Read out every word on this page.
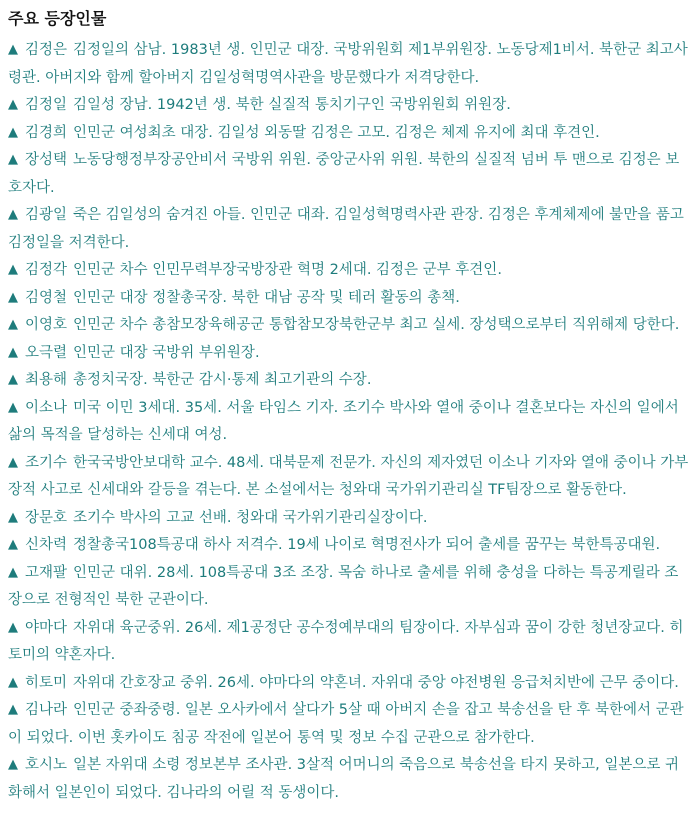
주요 등장인물

▲ 김정은 김정일의 삼남. 1983년 생. 인민군 대장. 국방위원회 제1부위원장. 노동당제1비서. 북한군 최고사령관. 아버지와 함께 할아버지 김일성혁명역사관을 방문했다가 저격당한다.

▲ 김정일 김일성 장남. 1942년 생. 북한 실질적 통치기구인 국방위원회 위원장.

▲ 김경희 인민군 여성최초 대장. 김일성 외동딸 김정은 고모. 김정은 체제 유지에 최대 후견인.

▲ 장성택 노동당행정부장공안비서 국방위 위원. 중앙군사위 위원. 북한의 실질적 넘버 투 맨으로 김정은 보호자다.

▲ 김광일 죽은 김일성의 숨겨진 아들. 인민군 대좌. 김일성혁명력사관 관장. 김정은 후계체제에 불만을 품고 김정일을 저격한다.

▲ 김정각 인민군 차수 인민무력부장국방장관 혁명 2세대. 김정은 군부 후견인.

▲ 김영철 인민군 대장 정찰총국장. 북한 대남 공작 및 테러 활동의 총책.

▲ 이영호 인민군 차수 총참모장육해공군 통합참모장북한군부 최고 실세. 장성택으로부터 직위해제 당한다.

▲ 오극렬 인민군 대장 국방위 부위원장.

▲ 최용해 총정치국장. 북한군 감시·통제 최고기관의 수장.

▲ 이소나 미국 이민 3세대. 35세. 서울 타임스 기자. 조기수 박사와 열애 중이나 결혼보다는 자신의 일에서 삶의 목적을 달성하는 신세대 여성.

▲ 조기수 한국국방안보대학 교수. 48세. 대북문제 전문가. 자신의 제자였던 이소나 기자와 열애 중이나 가부장적 사고로 신세대와 갈등을 겪는다. 본 소설에서는 청와대 국가위기관리실 TF팀장으로 활동한다.

▲ 장문호 조기수 박사의 고교 선배. 청와대 국가위기관리실장이다.

▲ 신차력 정찰총국108특공대 하사 저격수. 19세 나이로 혁명전사가 되어 출세를 꿈꾸는 북한특공대원.

▲ 고재팔 인민군 대위. 28세. 108특공대 3조 조장. 목숨 하나로 출세를 위해 충성을 다하는 특공게릴라 조장으로 전형적인 북한 군관이다.

▲ 야마다 자위대 육군중위. 26세. 제1공정단 공수정예부대의 팀장이다. 자부심과 꿈이 강한 청년장교다. 히토미의 약혼자다.

▲ 히토미 자위대 간호장교 중위. 26세. 야마다의 약혼녀. 자위대 중앙 야전병원 응급처치반에 근무 중이다.

▲ 김나라 인민군 중좌중령. 일본 오사카에서 살다가 5살 때 아버지 손을 잡고 북송선을 탄 후 북한에서 군관이 되었다. 이번 홋카이도 침공 작전에 일본어 통역 및 정보 수집 군관으로 참가한다.

▲ 호시노 일본 자위대 소령 정보본부 조사관. 3살적 어머니의 죽음으로 북송선을 타지 못하고, 일본으로 귀화해서 일본인이 되었다. 김나라의 어릴 적 동생이다.
